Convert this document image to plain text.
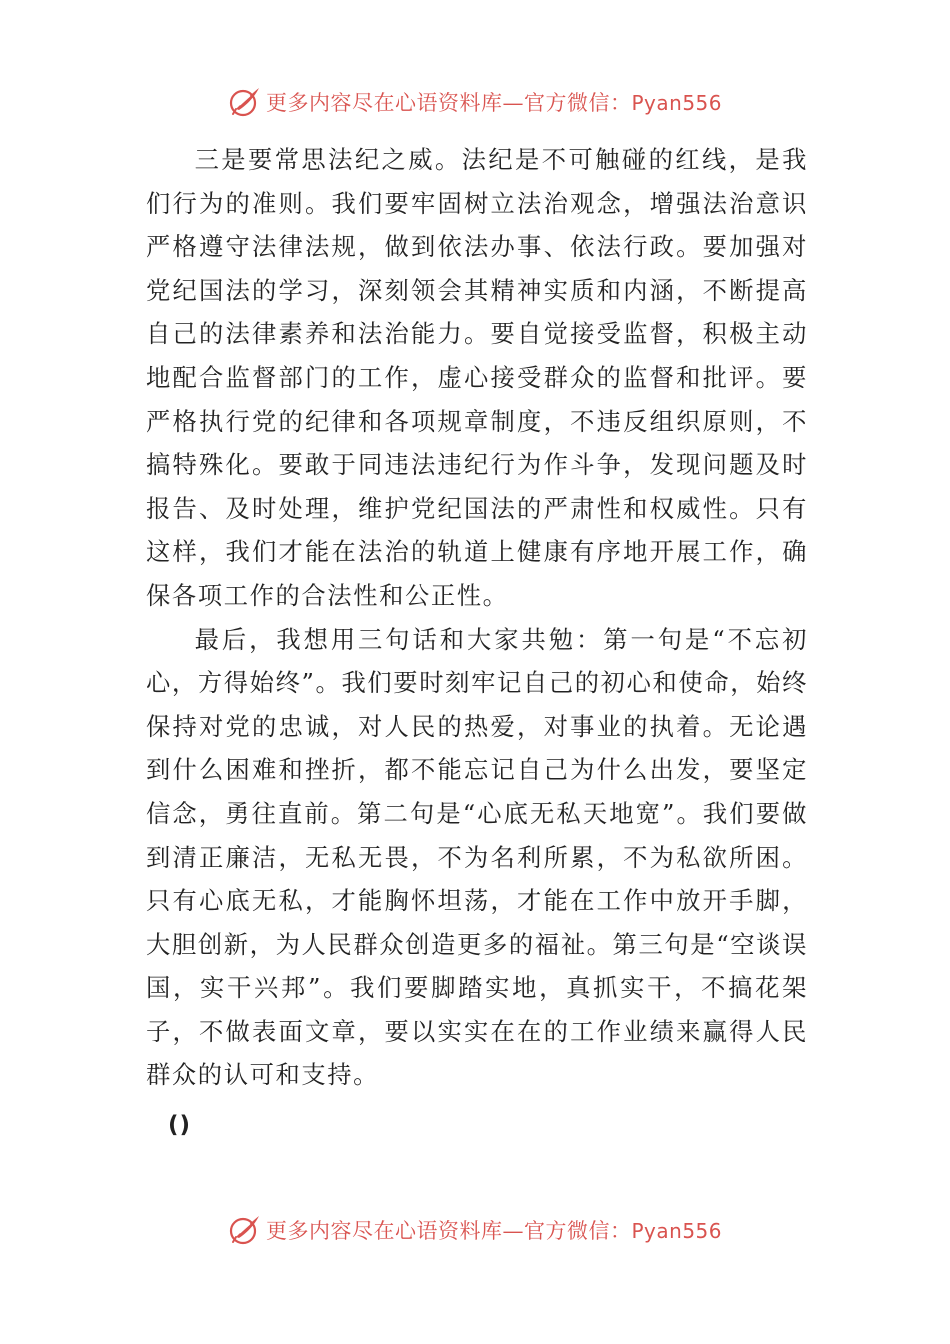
更多内容尽在心语资料库—官方微信：Pyan556

三是要常思法纪之威。法纪是不可触碰的红线，是我们行为的准则。我们要牢固树立法治观念，增强法治意识严格遵守法律法规，做到依法办事、依法行政。要加强对党纪国法的学习，深刻领会其精神实质和内涵，不断提高自己的法律素养和法治能力。要自觉接受监督，积极主动地配合监督部门的工作，虚心接受群众的监督和批评。要严格执行党的纪律和各项规章制度，不违反组织原则，不搞特殊化。要敢于同违法违纪行为作斗争，发现问题及时报告、及时处理，维护党纪国法的严肃性和权威性。只有这样，我们才能在法治的轨道上健康有序地开展工作，确保各项工作的合法性和公正性。

最后，我想用三句话和大家共勉：第一句是“不忘初心，方得始终”。我们要时刻牢记自己的初心和使命，始终保持对党的忠诚，对人民的热爱，对事业的执着。无论遇到什么困难和挫折，都不能忘记自己为什么出发，要坚定信念，勇往直前。第二句是“心底无私天地宽”。我们要做到清正廉洁，无私无畏，不为名利所累，不为私欲所困。只有心底无私，才能胸怀坦荡，才能在工作中放开手脚，大胆创新，为人民群众创造更多的福祉。第三句是“空谈误国，实干兴邦”。我们要脚踏实地，真抓实干，不搞花架子，不做表面文章，要以实实在在的工作业绩来赢得人民群众的认可和支持。

()
更多内容尽在心语资料库—官方微信：Pyan556
